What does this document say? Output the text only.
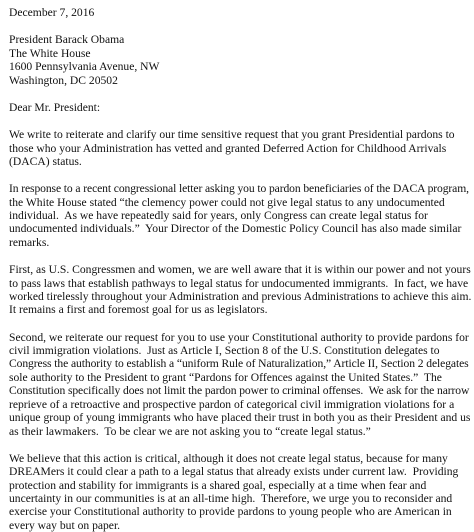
December 7, 2016
President Barack Obama
The White House
1600 Pennsylvania Avenue, NW
Washington, DC 20502
Dear Mr. President:
We write to reiterate and clarify our time sensitive request that you grant Presidential pardons to
those who your Administration has vetted and granted Deferred Action for Childhood Arrivals
(DACA) status.
In response to a recent congressional letter asking you to pardon beneficiaries of the DACA program,
the White House stated “the clemency power could not give legal status to any undocumented
individual.  As we have repeatedly said for years, only Congress can create legal status for
undocumented individuals.”  Your Director of the Domestic Policy Council has also made similar
remarks.
First, as U.S. Congressmen and women, we are well aware that it is within our power and not yours
to pass laws that establish pathways to legal status for undocumented immigrants.  In fact, we have
worked tirelessly throughout your Administration and previous Administrations to achieve this aim.
It remains a first and foremost goal for us as legislators.
Second, we reiterate our request for you to use your Constitutional authority to provide pardons for
civil immigration violations.  Just as Article I, Section 8 of the U.S. Constitution delegates to
Congress the authority to establish a “uniform Rule of Naturalization,” Article II, Section 2 delegates
sole authority to the President to grant “Pardons for Offences against the United States.”  The
Constitution specifically does not limit the pardon power to criminal offenses.  We ask for the narrow
reprieve of a retroactive and prospective pardon of categorical civil immigration violations for a
unique group of young immigrants who have placed their trust in both you as their President and us
as their lawmakers.  To be clear we are not asking you to “create legal status.”
We believe that this action is critical, although it does not create legal status, because for many
DREAMers it could clear a path to a legal status that already exists under current law.  Providing
protection and stability for immigrants is a shared goal, especially at a time when fear and
uncertainty in our communities is at an all-time high.  Therefore, we urge you to reconsider and
exercise your Constitutional authority to provide pardons to young people who are American in
every way but on paper.
